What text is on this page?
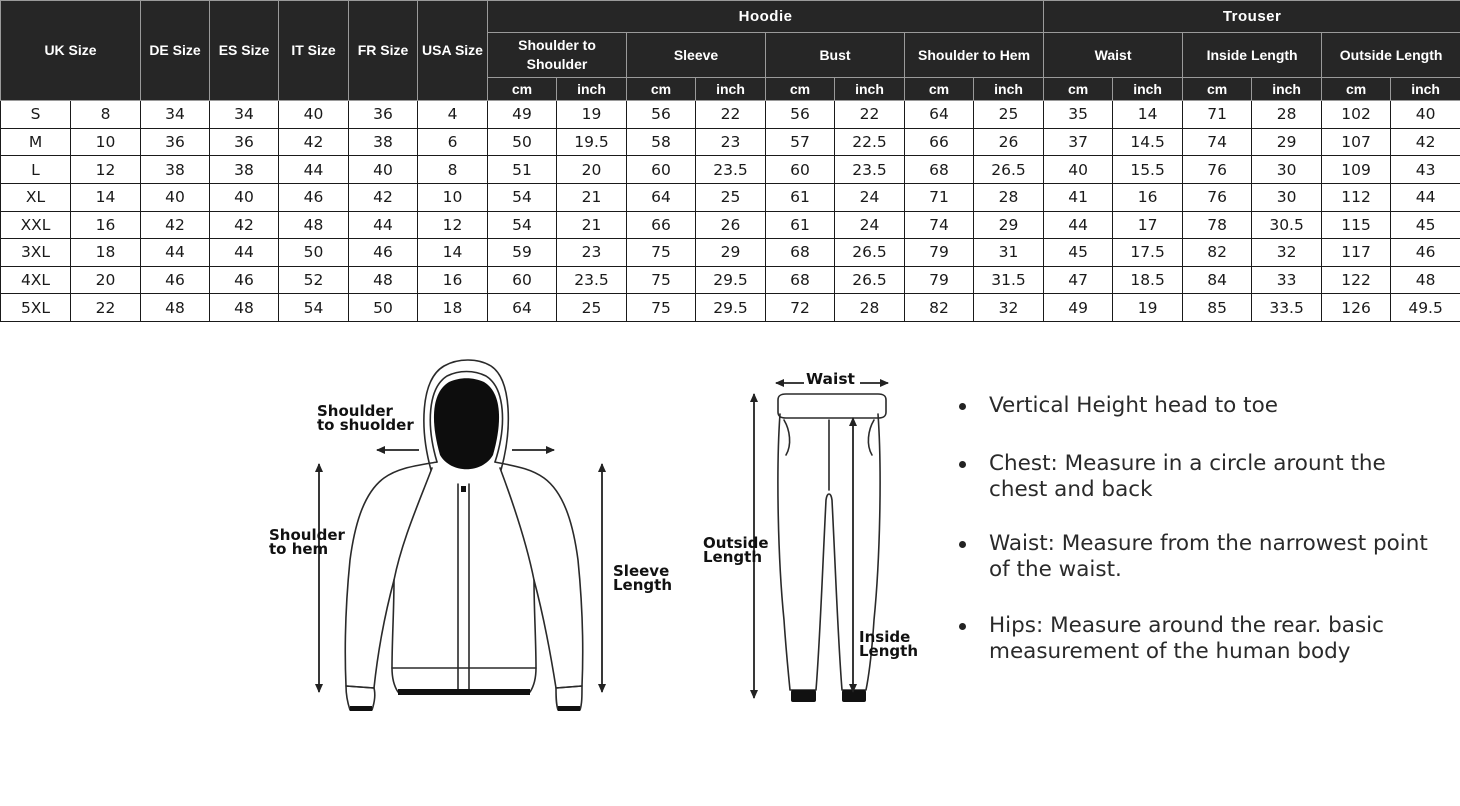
UK Size		DE Size	ES Size	IT Size	FR Size	USA Size	Hoodie								Trouser					
							Shoulder to Shoulder		Sleeve		Bust		Shoulder to Hem		Waist		Inside Length		Outside Length	
							cm	inch	cm	inch	cm	inch	cm	inch	cm	inch	cm	inch	cm	inch
S	8	34	34	40	36	4	49	19	56	22	56	22	64	25	35	14	71	28	102	40
M	10	36	36	42	38	6	50	19.5	58	23	57	22.5	66	26	37	14.5	74	29	107	42
L	12	38	38	44	40	8	51	20	60	23.5	60	23.5	68	26.5	40	15.5	76	30	109	43
XL	14	40	40	46	42	10	54	21	64	25	61	24	71	28	41	16	76	30	112	44
XXL	16	42	42	48	44	12	54	21	66	26	61	24	74	29	44	17	78	30.5	115	45
3XL	18	44	44	50	46	14	59	23	75	29	68	26.5	79	31	45	17.5	82	32	117	46
4XL	20	46	46	52	48	16	60	23.5	75	29.5	68	26.5	79	31.5	47	18.5	84	33	122	48
5XL	22	48	48	54	50	18	64	25	75	29.5	72	28	82	32	49	19	85	33.5	126	49.5
Shoulder
to shuolder
Shoulder
to hem
Sleeve
Length
Waist
Outside
Length
Inside
Length
Vertical Height head to toe
Chest: Measure in a circle arount the chest and back
Waist: Measure from the narrowest point of the waist.
Hips: Measure around the rear. basic measurement of the human body
